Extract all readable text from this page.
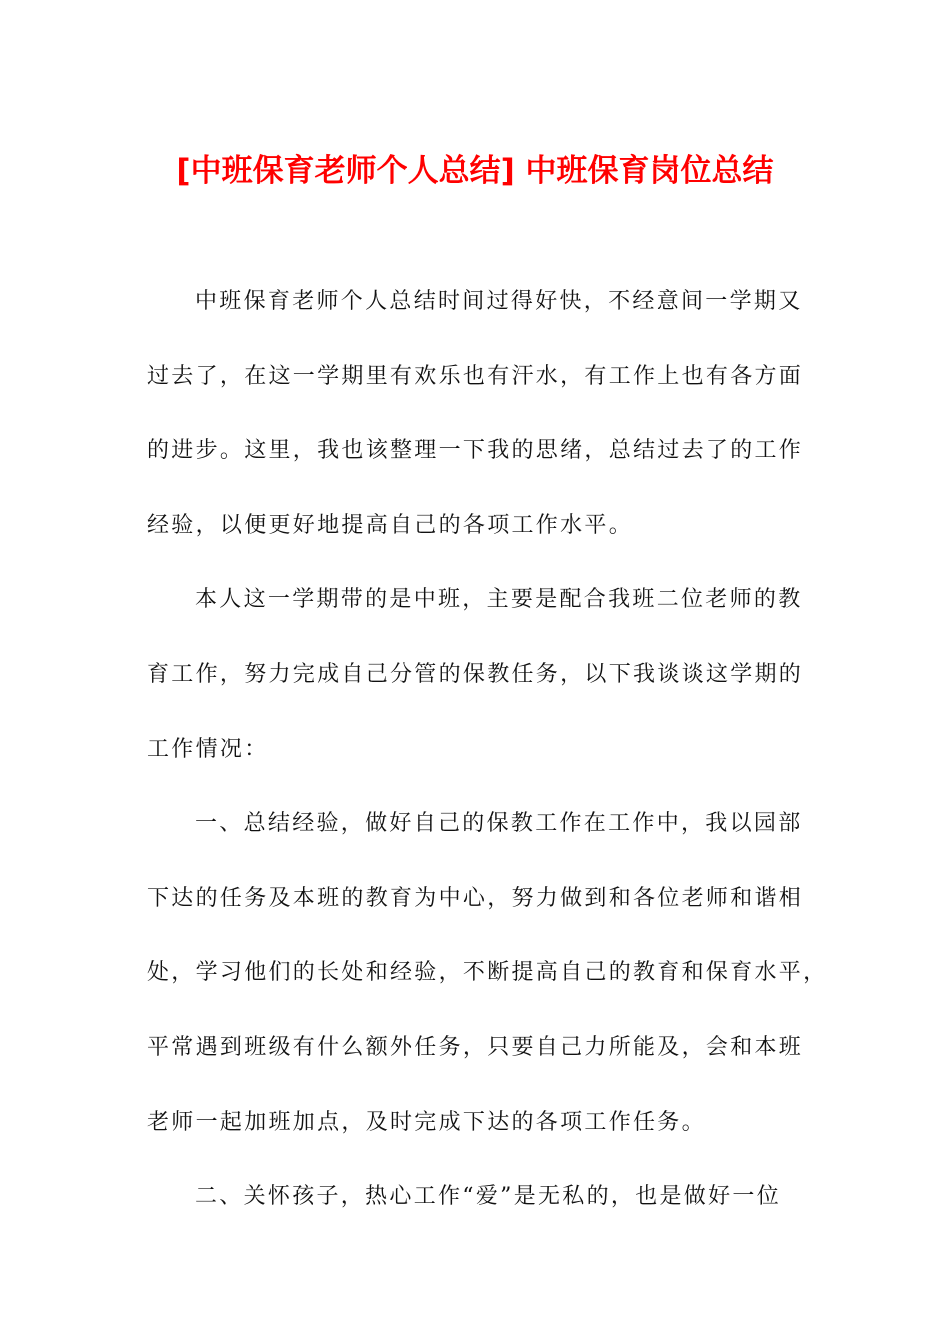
[中班保育老师个人总结] 中班保育岗位总结
中班保育老师个人总结时间过得好快，不经意间一学期又
过去了，在这一学期里有欢乐也有汗水，有工作上也有各方面
的进步。这里，我也该整理一下我的思绪，总结过去了的工作
经验，以便更好地提高自己的各项工作水平。
本人这一学期带的是中班，主要是配合我班二位老师的教
育工作，努力完成自己分管的保教任务，以下我谈谈这学期的
工作情况：
一、总结经验，做好自己的保教工作在工作中，我以园部
下达的任务及本班的教育为中心，努力做到和各位老师和谐相
处，学习他们的长处和经验，不断提高自己的教育和保育水平，
平常遇到班级有什么额外任务，只要自己力所能及，会和本班
老师一起加班加点，及时完成下达的各项工作任务。
二、关怀孩子，热心工作“爱”是无私的，也是做好一位
